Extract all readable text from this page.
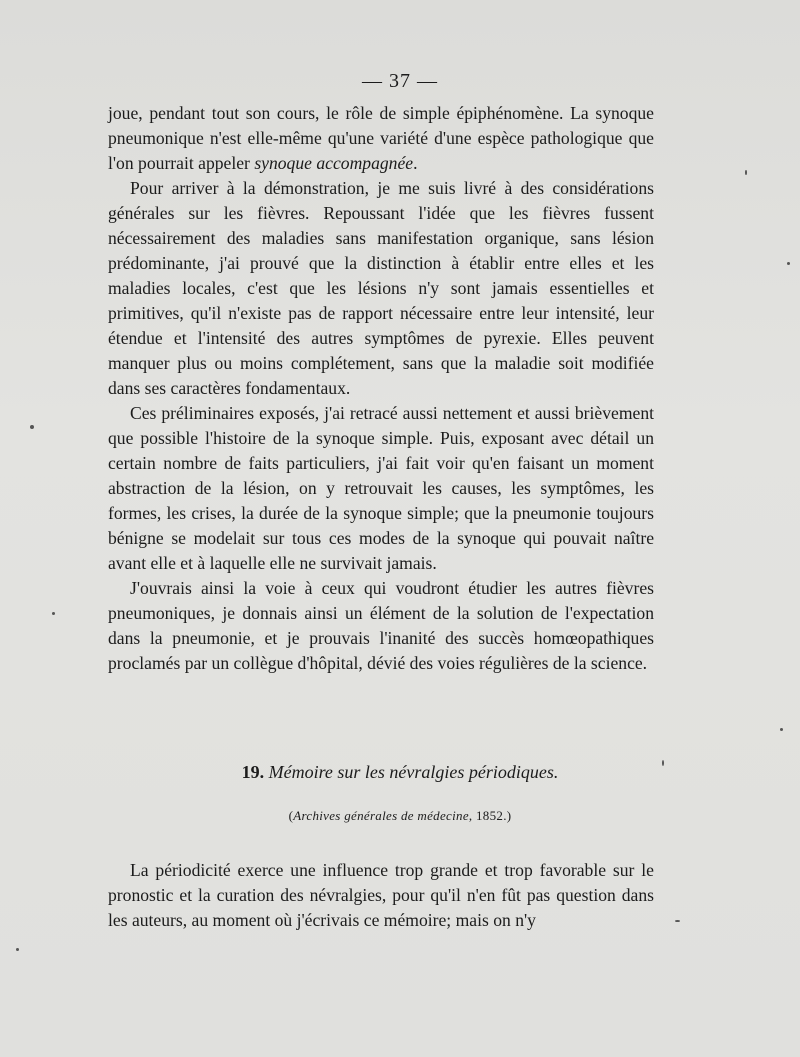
— 37 —

joue, pendant tout son cours, le rôle de simple épiphénomène. La synoque pneumonique n'est elle-même qu'une variété d'une espèce pathologique que l'on pourrait appeler synoque accompagnée.

Pour arriver à la démonstration, je me suis livré à des considérations générales sur les fièvres. Repoussant l'idée que les fièvres fussent nécessairement des maladies sans manifestation organique, sans lésion prédominante, j'ai prouvé que la distinction à établir entre elles et les maladies locales, c'est que les lésions n'y sont jamais essentielles et primitives, qu'il n'existe pas de rapport nécessaire entre leur intensité, leur étendue et l'intensité des autres symptômes de pyrexie. Elles peuvent manquer plus ou moins complétement, sans que la maladie soit modifiée dans ses caractères fondamentaux.

Ces préliminaires exposés, j'ai retracé aussi nettement et aussi brièvement que possible l'histoire de la synoque simple. Puis, exposant avec détail un certain nombre de faits particuliers, j'ai fait voir qu'en faisant un moment abstraction de la lésion, on y retrouvait les causes, les symptômes, les formes, les crises, la durée de la synoque simple; que la pneumonie toujours bénigne se modelait sur tous ces modes de la synoque qui pouvait naître avant elle et à laquelle elle ne survivait jamais.

J'ouvrais ainsi la voie à ceux qui voudront étudier les autres fièvres pneumoniques, je donnais ainsi un élément de la solution de l'expectation dans la pneumonie, et je prouvais l'inanité des succès homœopathiques proclamés par un collègue d'hôpital, dévié des voies régulières de la science.

19. Mémoire sur les névralgies périodiques.
(Archives générales de médecine, 1852.)

La périodicité exerce une influence trop grande et trop favorable sur le pronostic et la curation des névralgies, pour qu'il n'en fût pas question dans les auteurs, au moment où j'écrivais ce mémoire; mais on n'y
